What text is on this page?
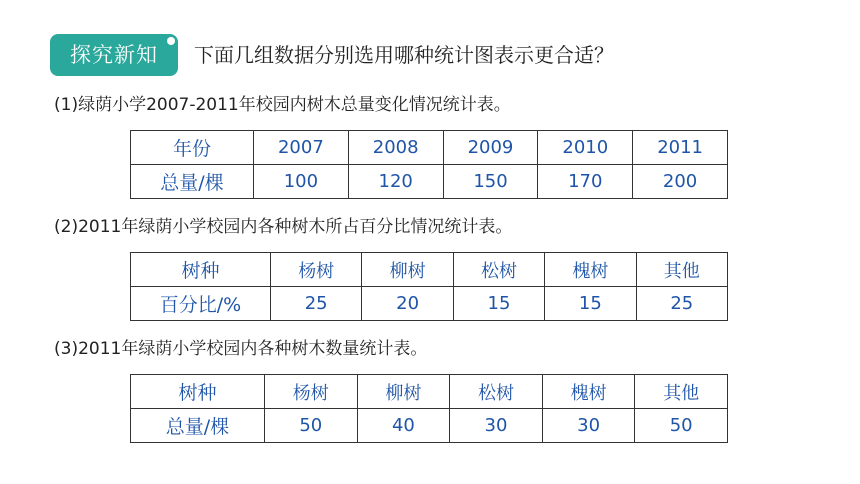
探究新知	下面几组数据分别选用哪种统计图表示更合适？
(1)绿荫小学2007-2011年校园内树木总量变化情况统计表。
年份	2007	2008	2009	2010	2011
总量/棵	100	120	150	170	200
(2)2011年绿荫小学校园内各种树木所占百分比情况统计表。
树种	杨树	柳树	松树	槐树	其他
百分比/%	25	20	15	15	25
(3)2011年绿荫小学校园内各种树木数量统计表。
树种	杨树	柳树	松树	槐树	其他
总量/棵	50	40	30	30	50
